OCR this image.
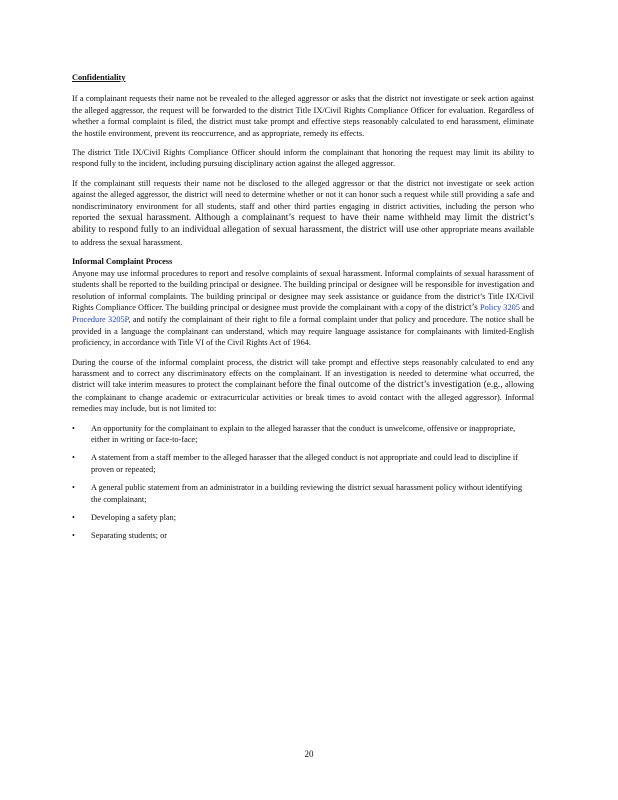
Confidentiality

If a complainant requests their name not be revealed to the alleged aggressor or asks that the district not investigate or seek action against the alleged aggressor, the request will be forwarded to the district Title IX/Civil Rights Compliance Officer for evaluation. Regardless of whether a formal complaint is filed, the district must take prompt and effective steps reasonably calculated to end harassment, eliminate the hostile environment, prevent its reoccurrence, and as appropriate, remedy its effects.

The district Title IX/Civil Rights Compliance Officer should inform the complainant that honoring the request may limit its ability to respond fully to the incident, including pursuing disciplinary action against the alleged aggressor.

If the complainant still requests their name not be disclosed to the alleged aggressor or that the district not investigate or seek action against the alleged aggressor, the district will need to determine whether or not it can honor such a request while still providing a safe and nondiscriminatory environment for all students, staff and other third parties engaging in district activities, including the person who reported the sexual harassment. Although a complainant’s request to have their name withheld may limit the district’s ability to respond fully to an individual allegation of sexual harassment, the district will use other appropriate means available to address the sexual harassment.

Informal Complaint Process

Anyone may use informal procedures to report and resolve complaints of sexual harassment. Informal complaints of sexual harassment of students shall be reported to the building principal or designee. The building principal or designee will be responsible for investigation and resolution of informal complaints. The building principal or designee may seek assistance or guidance from the district’s Title IX/Civil Rights Compliance Officer. The building principal or designee must provide the complainant with a copy of the district’s Policy 3205 and Procedure 3205P, and notify the complainant of their right to file a formal complaint under that policy and procedure. The notice shall be provided in a language the complainant can understand, which may require language assistance for complainants with limited-English proficiency, in accordance with Title VI of the Civil Rights Act of 1964.

During the course of the informal complaint process, the district will take prompt and effective steps reasonably calculated to end any harassment and to correct any discriminatory effects on the complainant. If an investigation is needed to determine what occurred, the district will take interim measures to protect the complainant before the final outcome of the district’s investigation (e.g., allowing the complainant to change academic or extracurricular activities or break times to avoid contact with the alleged aggressor). Informal remedies may include, but is not limited to:

• An opportunity for the complainant to explain to the alleged harasser that the conduct is unwelcome, offensive or inappropriate, either in writing or face-to-face;
• A statement from a staff member to the alleged harasser that the alleged conduct is not appropriate and could lead to discipline if proven or repeated;
• A general public statement from an administrator in a building reviewing the district sexual harassment policy without identifying the complainant;
• Developing a safety plan;
• Separating students; or
20
